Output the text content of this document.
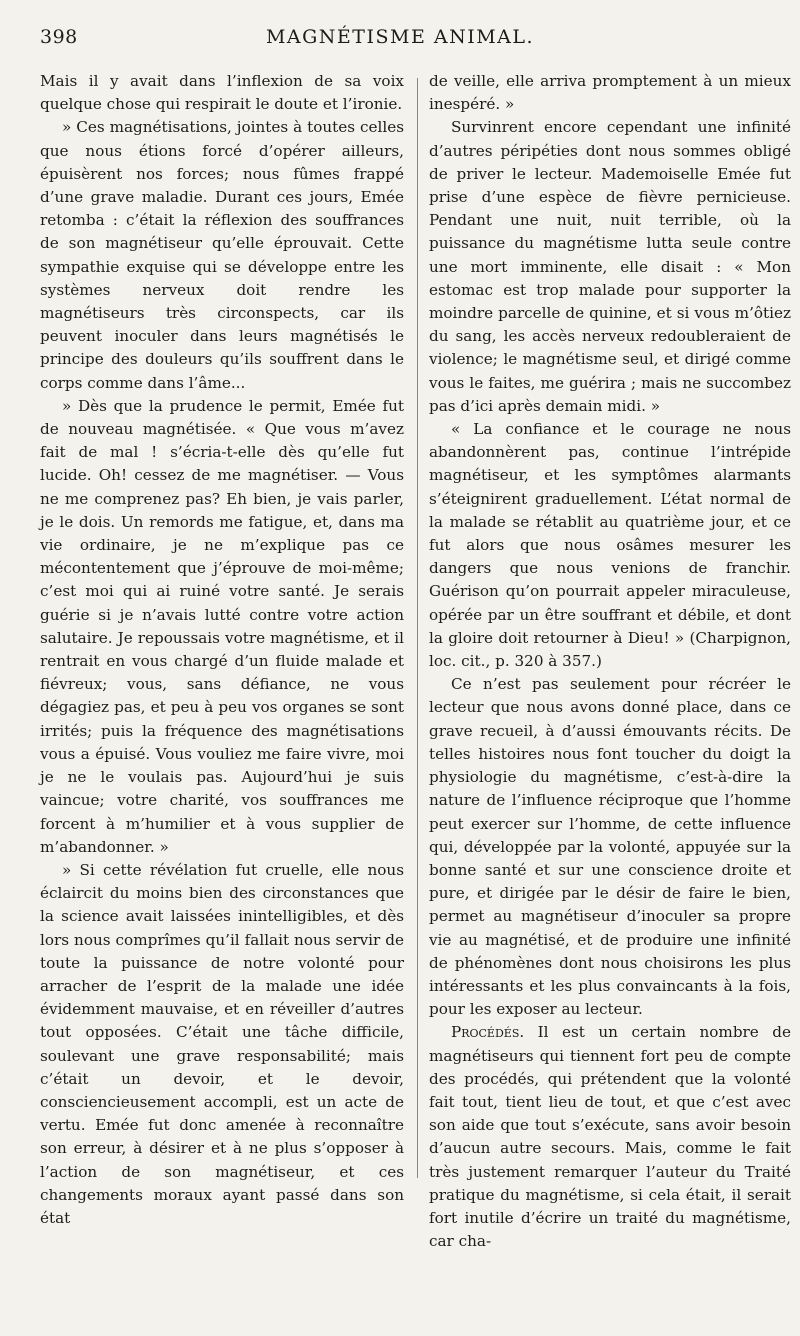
398	MAGNÉTISME ANIMAL.

Mais il y avait dans l’inflexion de sa voix quelque chose qui respirait le doute et l’ironie.

» Ces magnétisations, jointes à toutes celles que nous étions forcé d’opérer ailleurs, épuisèrent nos forces; nous fûmes frappé d’une grave maladie. Durant ces jours, Emée retomba : c’était la réflexion des souffrances de son magnétiseur qu’elle éprouvait. Cette sympathie exquise qui se développe entre les systèmes nerveux doit rendre les magnétiseurs très circonspects, car ils peuvent inoculer dans leurs magnétisés le principe des douleurs qu’ils souffrent dans le corps comme dans l’âme...

» Dès que la prudence le permit, Emée fut de nouveau magnétisée. « Que vous m’avez fait de mal ! s’écria-t-elle dès qu’elle fut lucide. Oh! cessez de me magnétiser. — Vous ne me comprenez pas? Eh bien, je vais parler, je le dois. Un remords me fatigue, et, dans ma vie ordinaire, je ne m’explique pas ce mécontentement que j’éprouve de moi-même; c’est moi qui ai ruiné votre santé. Je serais guérie si je n’avais lutté contre votre action salutaire. Je repoussais votre magnétisme, et il rentrait en vous chargé d’un fluide malade et fiévreux; vous, sans défiance, ne vous dégagiez pas, et peu à peu vos organes se sont irrités; puis la fréquence des magnétisations vous a épuisé. Vous vouliez me faire vivre, moi je ne le voulais pas. Aujourd’hui je suis vaincue; votre charité, vos souffrances me forcent à m’humilier et à vous supplier de m’abandonner. »

» Si cette révélation fut cruelle, elle nous éclaircit du moins bien des circonstances que la science avait laissées inintelligibles, et dès lors nous comprîmes qu’il fallait nous servir de toute la puissance de notre volonté pour arracher de l’esprit de la malade une idée évidemment mauvaise, et en réveiller d’autres tout opposées. C’était une tâche difficile, soulevant une grave responsabilité; mais c’était un devoir, et le devoir, consciencieusement accompli, est un acte de vertu. Emée fut donc amenée à reconnaître son erreur, à désirer et à ne plus s’opposer à l’action de son magnétiseur, et ces changements moraux ayant passé dans son état

de veille, elle arriva promptement à un mieux inespéré. »

Survinrent encore cependant une infinité d’autres péripéties dont nous sommes obligé de priver le lecteur. Mademoiselle Emée fut prise d’une espèce de fièvre pernicieuse. Pendant une nuit, nuit terrible, où la puissance du magnétisme lutta seule contre une mort imminente, elle disait : « Mon estomac est trop malade pour supporter la moindre parcelle de quinine, et si vous m’ôtiez du sang, les accès nerveux redoubleraient de violence; le magnétisme seul, et dirigé comme vous le faites, me guérira ; mais ne succombez pas d’ici après demain midi. »

« La confiance et le courage ne nous abandonnèrent pas, continue l’intrépide magnétiseur, et les symptômes alarmants s’éteignirent graduellement. L’état normal de la malade se rétablit au quatrième jour, et ce fut alors que nous osâmes mesurer les dangers que nous venions de franchir. Guérison qu’on pourrait appeler miraculeuse, opérée par un être souffrant et débile, et dont la gloire doit retourner à Dieu! » (Charpignon, loc. cit., p. 320 à 357.)

Ce n’est pas seulement pour récréer le lecteur que nous avons donné place, dans ce grave recueil, à d’aussi émouvants récits. De telles histoires nous font toucher du doigt la physiologie du magnétisme, c’est-à-dire la nature de l’influence réciproque que l’homme peut exercer sur l’homme, de cette influence qui, développée par la volonté, appuyée sur la bonne santé et sur une conscience droite et pure, et dirigée par le désir de faire le bien, permet au magnétiseur d’inoculer sa propre vie au magnétisé, et de produire une infinité de phénomènes dont nous choisirons les plus intéressants et les plus convaincants à la fois, pour les exposer au lecteur.

Procédés. Il est un certain nombre de magnétiseurs qui tiennent fort peu de compte des procédés, qui prétendent que la volonté fait tout, tient lieu de tout, et que c’est avec son aide que tout s’exécute, sans avoir besoin d’aucun autre secours. Mais, comme le fait très justement remarquer l’auteur du Traité pratique du magnétisme, si cela était, il serait fort inutile d’écrire un traité du magnétisme, car cha-
